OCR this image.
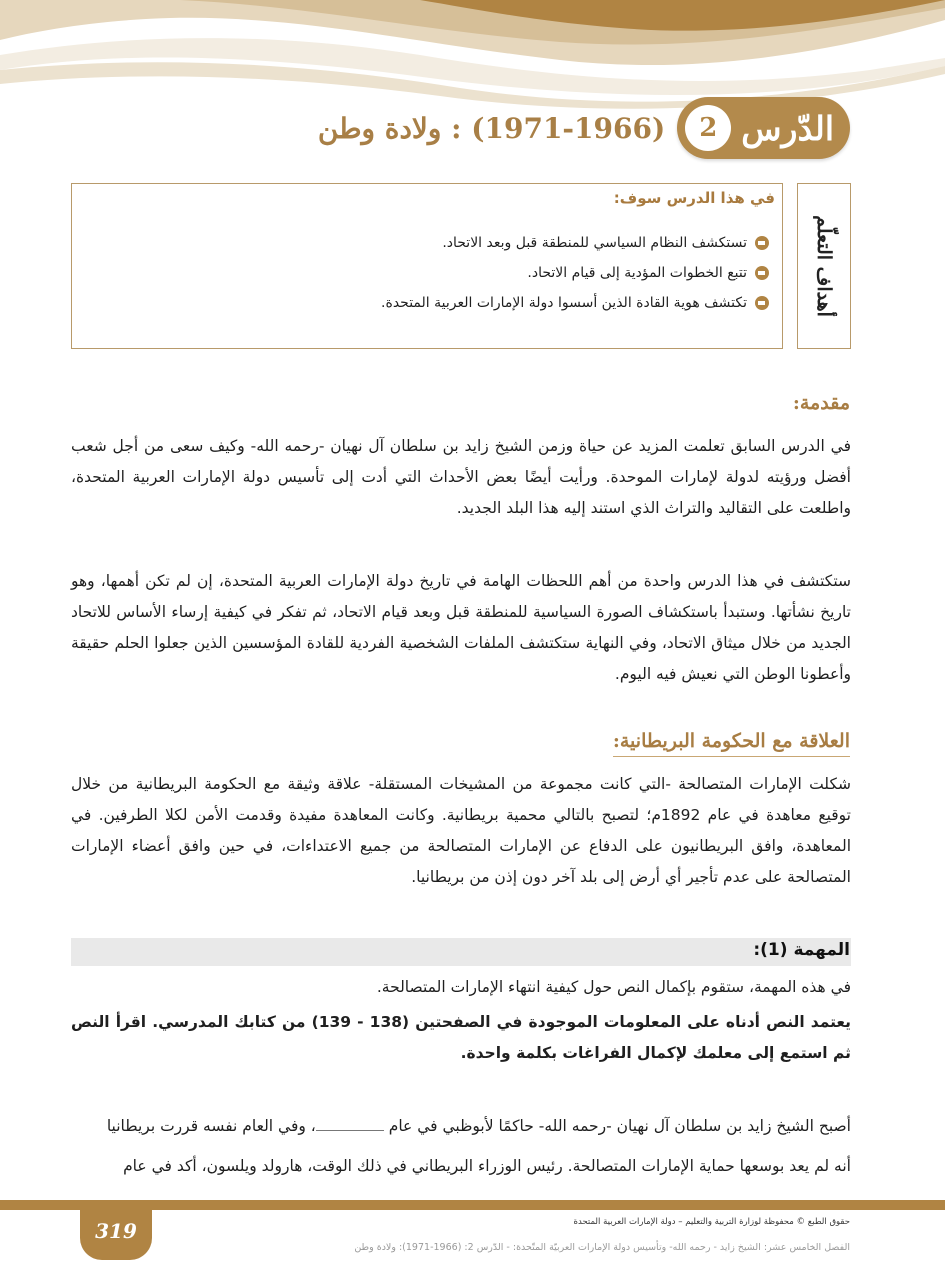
الدّرس
2
(1971-1966) : ولادة وطن
أهداف التعلّم
في هذا الدرس سوف:
تستكشف النظام السياسي للمنطقة قبل وبعد الاتحاد.
تتبع الخطوات المؤدية إلى قيام الاتحاد.
تكتشف هوية القادة الذين أسسوا دولة الإمارات العربية المتحدة.
مقدمة:

في الدرس السابق تعلمت المزيد عن حياة وزمن الشيخ زايد بن سلطان آل نهيان -رحمه الله- وكيف سعى من أجل شعب أفضل ورؤيته لدولة لإمارات الموحدة. ورأيت أيضًا بعض الأحداث التي أدت إلى تأسيس دولة الإمارات العربية المتحدة، واطلعت على التقاليد والتراث الذي استند إليه هذا البلد الجديد.

ستكتشف في هذا الدرس واحدة من أهم اللحظات الهامة في تاريخ دولة الإمارات العربية المتحدة، إن لم تكن أهمها، وهو تاريخ نشأتها. وستبدأ باستكشاف الصورة السياسية للمنطقة قبل وبعد قيام الاتحاد، ثم تفكر في كيفية إرساء الأساس للاتحاد الجديد من خلال ميثاق الاتحاد، وفي النهاية ستكتشف الملفات الشخصية الفردية للقادة المؤسسين الذين جعلوا الحلم حقيقة وأعطونا الوطن التي نعيش فيه اليوم.

العلاقة مع الحكومة البريطانية:

شكلت الإمارات المتصالحة -التي كانت مجموعة من المشيخات المستقلة- علاقة وثيقة مع الحكومة البريطانية من خلال توقيع معاهدة في عام 1892م؛ لتصبح بالتالي محمية بريطانية. وكانت المعاهدة مفيدة وقدمت الأمن لكلا الطرفين. في المعاهدة، وافق البريطانيون على الدفاع عن الإمارات المتصالحة من جميع الاعتداءات، في حين وافق أعضاء الإمارات المتصالحة على عدم تأجير أي أرض إلى بلد آخر دون إذن من بريطانيا.

المهمة (1):

في هذه المهمة، ستقوم بإكمال النص حول كيفية انتهاء الإمارات المتصالحة.

يعتمد النص أدناه على المعلومات الموجودة في الصفحتين (138 - 139) من كتابك المدرسي. اقرأ النص ثم استمع إلى معلمك لإكمال الفراغات بكلمة واحدة.

أصبح الشيخ زايد بن سلطان آل نهيان -رحمه الله- حاكمًا لأبوظبي في عام ، وفي العام نفسه قررت بريطانيا

أنه لم يعد بوسعها حماية الإمارات المتصالحة. رئيس الوزراء البريطاني في ذلك الوقت، هارولد ويلسون، أكد في عام

319	حقوق الطبع © محفوظة لوزارة التربية والتعليم – دولة الإمارات العربية المتحدة

الفصل الخامس عشر: الشيخ زايد - رحمه الله- وتأسيس دولة الإمارات العربيّة المتّحدة: - الدّرس 2: (1966-1971): ولادة وطن
